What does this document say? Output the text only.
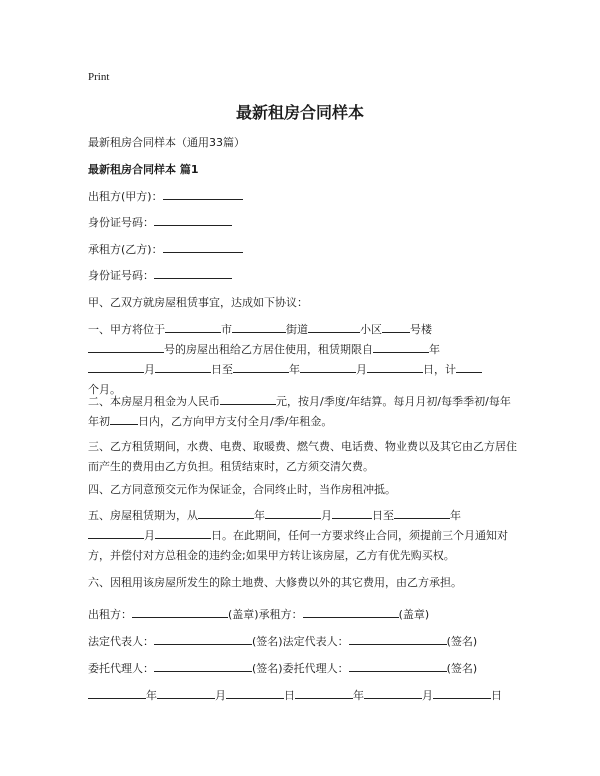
Print
最新租房合同样本
最新租房合同样本（通用33篇）
最新租房合同样本 篇1
出租方(甲方)：
身份证号码：
承租方(乙方)：
身份证号码：
甲、乙双方就房屋租赁事宜，达成如下协议：
一、甲方将位于	市	街道	小区	号楼
号的房屋出租给乙方居住使用，租赁期限自	年
月	日至	年	月	日，计
个月。
二、本房屋月租金为人民币	元，按月/季度/年结算。每月月初/每季季初/每年年初	日内，乙方向甲方支付全月/季/年租金。
三、乙方租赁期间，水费、电费、取暖费、燃气费、电话费、物业费以及其它由乙方居住而产生的费用由乙方负担。租赁结束时，乙方须交清欠费。
四、乙方同意预交元作为保证金，合同终止时，当作房租冲抵。
五、房屋租赁期为，从	年	月	日至	年
月	日。在此期间，任何一方要求终止合同，须提前三个月通知对方，并偿付对方总租金的违约金;如果甲方转让该房屋，乙方有优先购买权。
六、因租用该房屋所发生的除土地费、大修费以外的其它费用，由乙方承担。
出租方：	(盖章)承租方：	(盖章)
法定代表人：	(签名)法定代表人：	(签名)
委托代理人：	(签名)委托代理人：	(签名)
年	月	日	年	月	日
